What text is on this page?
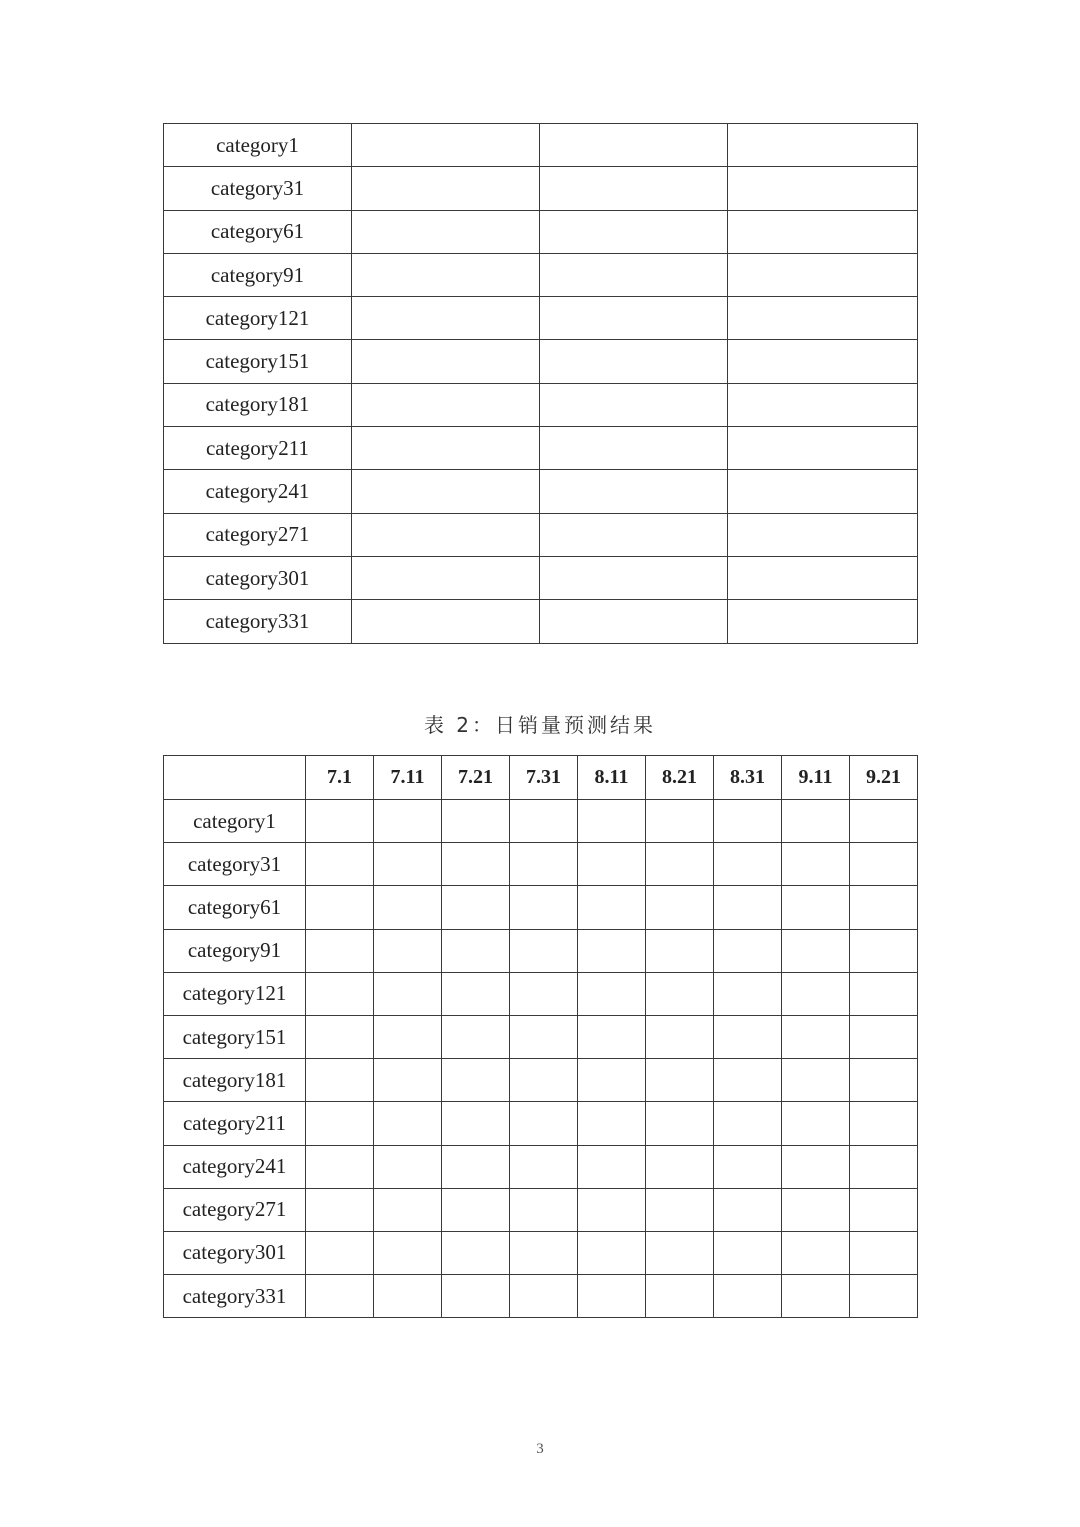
category1			
category31			
category61			
category91			
category121			
category151			
category181			
category211			
category241			
category271			
category301			
category331			
表 2：日销量预测结果
	7.1	7.11	7.21	7.31	8.11	8.21	8.31	9.11	9.21
category1									
category31									
category61									
category91									
category121									
category151									
category181									
category211									
category241									
category271									
category301									
category331									
3
